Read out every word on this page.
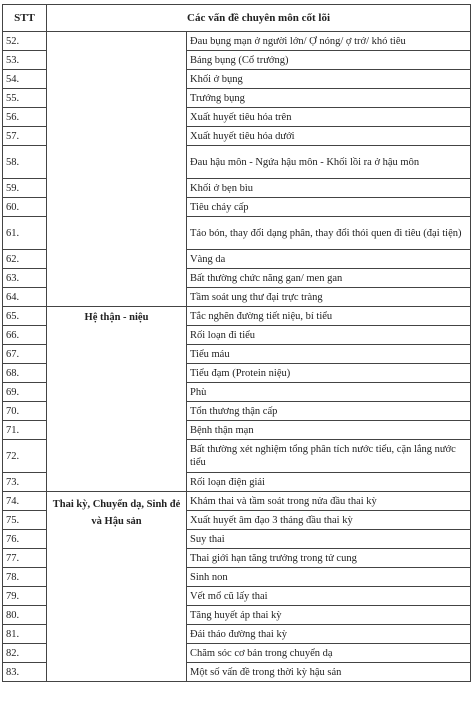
STT	Các vấn đề chuyên môn cốt lõi	
52.		Đau bụng mạn ở người lớn/ Ợ nóng/ ợ trớ/ khó tiêu
53.		Báng bụng (Cổ trướng)
54.		Khối ở bụng
55.		Trướng bụng
56.		Xuất huyết tiêu hóa trên
57.		Xuất huyết tiêu hóa dưới
58.		Đau hậu môn - Ngứa hậu môn - Khối lồi ra ở hậu môn
59.		Khối ở bẹn bìu
60.		Tiêu chảy cấp
61.		Táo bón, thay đổi dạng phân, thay đổi thói quen đi tiêu (đại tiện)
62.		Vàng da
63.		Bất thường chức năng gan/ men gan
64.		Tầm soát ung thư đại trực tràng
65.	Hệ thận - niệu	Tắc nghẽn đường tiết niệu, bí tiểu
66.		Rối loạn đi tiểu
67.		Tiểu máu
68.		Tiểu đạm (Protein niệu)
69.		Phù
70.		Tổn thương thận cấp
71.		Bệnh thận mạn
72.		Bất thường xét nghiệm tổng phân tích nước tiểu, cặn lắng nước tiểu
73.		Rối loạn điện giải
74.	Thai kỳ, Chuyển dạ, Sinh đẻ và Hậu sản	Khám thai và tầm soát trong nửa đầu thai kỳ
75.		Xuất huyết âm đạo 3 tháng đầu thai kỳ
76.		Suy thai
77.		Thai giới hạn tăng trưởng trong tử cung
78.		Sinh non
79.		Vết mổ cũ lấy thai
80.		Tăng huyết áp thai kỳ
81.		Đái tháo đường thai kỳ
82.		Chăm sóc cơ bản trong chuyển dạ
83.		Một số vấn đề trong thời kỳ hậu sản
